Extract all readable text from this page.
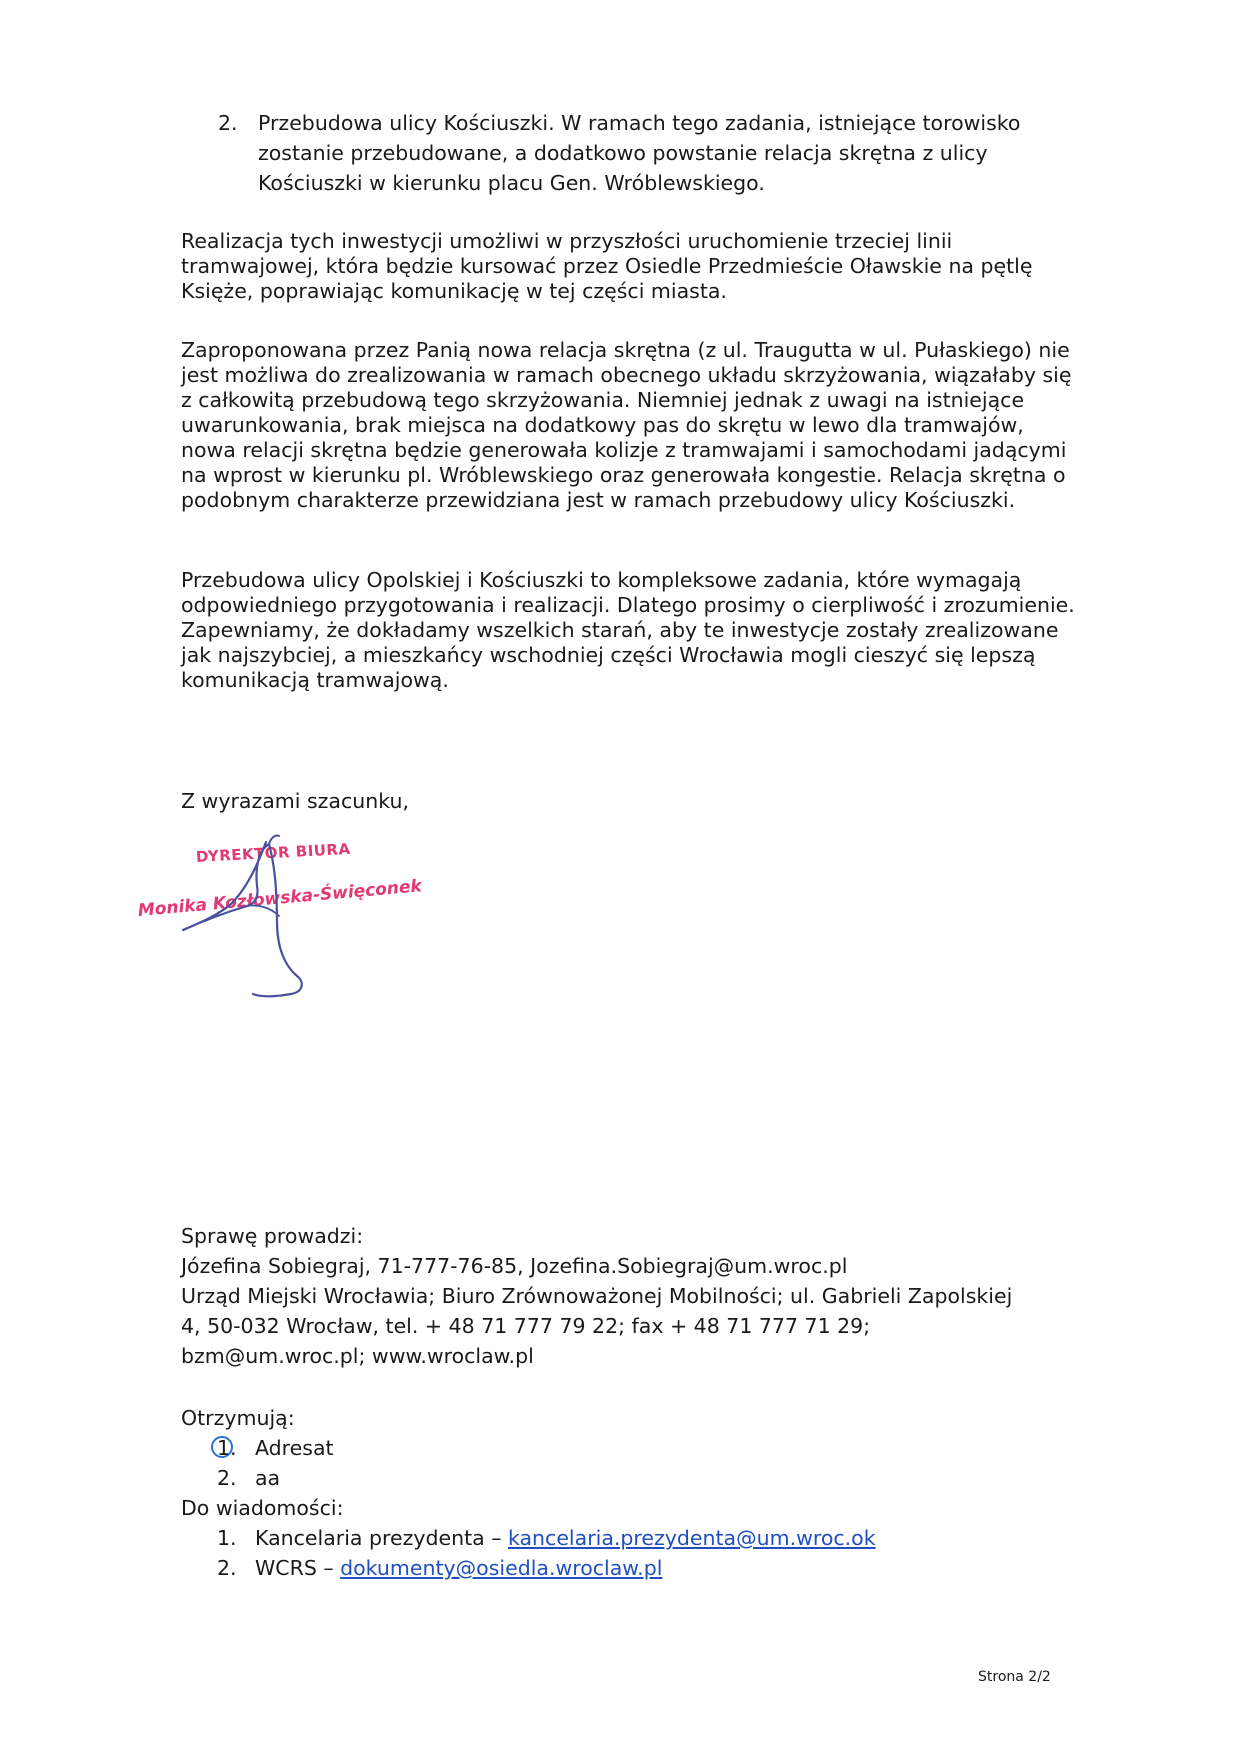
2. Przebudowa ulicy Kościuszki. W ramach tego zadania, istniejące torowisko zostanie przebudowane, a dodatkowo powstanie relacja skrętna z ulicy Kościuszki w kierunku placu Gen. Wróblewskiego.

Realizacja tych inwestycji umożliwi w przyszłości uruchomienie trzeciej linii tramwajowej, która będzie kursować przez Osiedle Przedmieście Oławskie na pętlę Księże, poprawiając komunikację w tej części miasta.

Zaproponowana przez Panią nowa relacja skrętna (z ul. Traugutta w ul. Pułaskiego) nie jest możliwa do zrealizowania w ramach obecnego układu skrzyżowania, wiązałaby się z całkowitą przebudową tego skrzyżowania. Niemniej jednak z uwagi na istniejące uwarunkowania, brak miejsca na dodatkowy pas do skrętu w lewo dla tramwajów, nowa relacji skrętna będzie generowała kolizje z tramwajami i samochodami jadącymi na wprost w kierunku pl. Wróblewskiego oraz generowała kongestie. Relacja skrętna o podobnym charakterze przewidziana jest w ramach przebudowy ulicy Kościuszki.

Przebudowa ulicy Opolskiej i Kościuszki to kompleksowe zadania, które wymagają odpowiedniego przygotowania i realizacji. Dlatego prosimy o cierpliwość i zrozumienie. Zapewniamy, że dokładamy wszelkich starań, aby te inwestycje zostały zrealizowane jak najszybciej, a mieszkańcy wschodniej części Wrocławia mogli cieszyć się lepszą komunikacją tramwajową.

Z wyrazami szacunku,
DYREKTOR BIURA
Monika Kozłowska-Święconek
Sprawę prowadzi:
Józefina Sobiegraj, 71-777-76-85, Jozefina.Sobiegraj@um.wroc.pl
Urząd Miejski Wrocławia; Biuro Zrównoważonej Mobilności; ul. Gabrieli Zapolskiej
4, 50-032 Wrocław, tel. + 48 71 777 79 22; fax + 48 71 777 71 29;
bzm@um.wroc.pl; www.wroclaw.pl
Otrzymują:
1. Adresat
2. aa
Do wiadomości:
1. Kancelaria prezydenta – kancelaria.prezydenta@um.wroc.ok
2. WCRS – dokumenty@osiedla.wroclaw.pl
Strona 2/2
